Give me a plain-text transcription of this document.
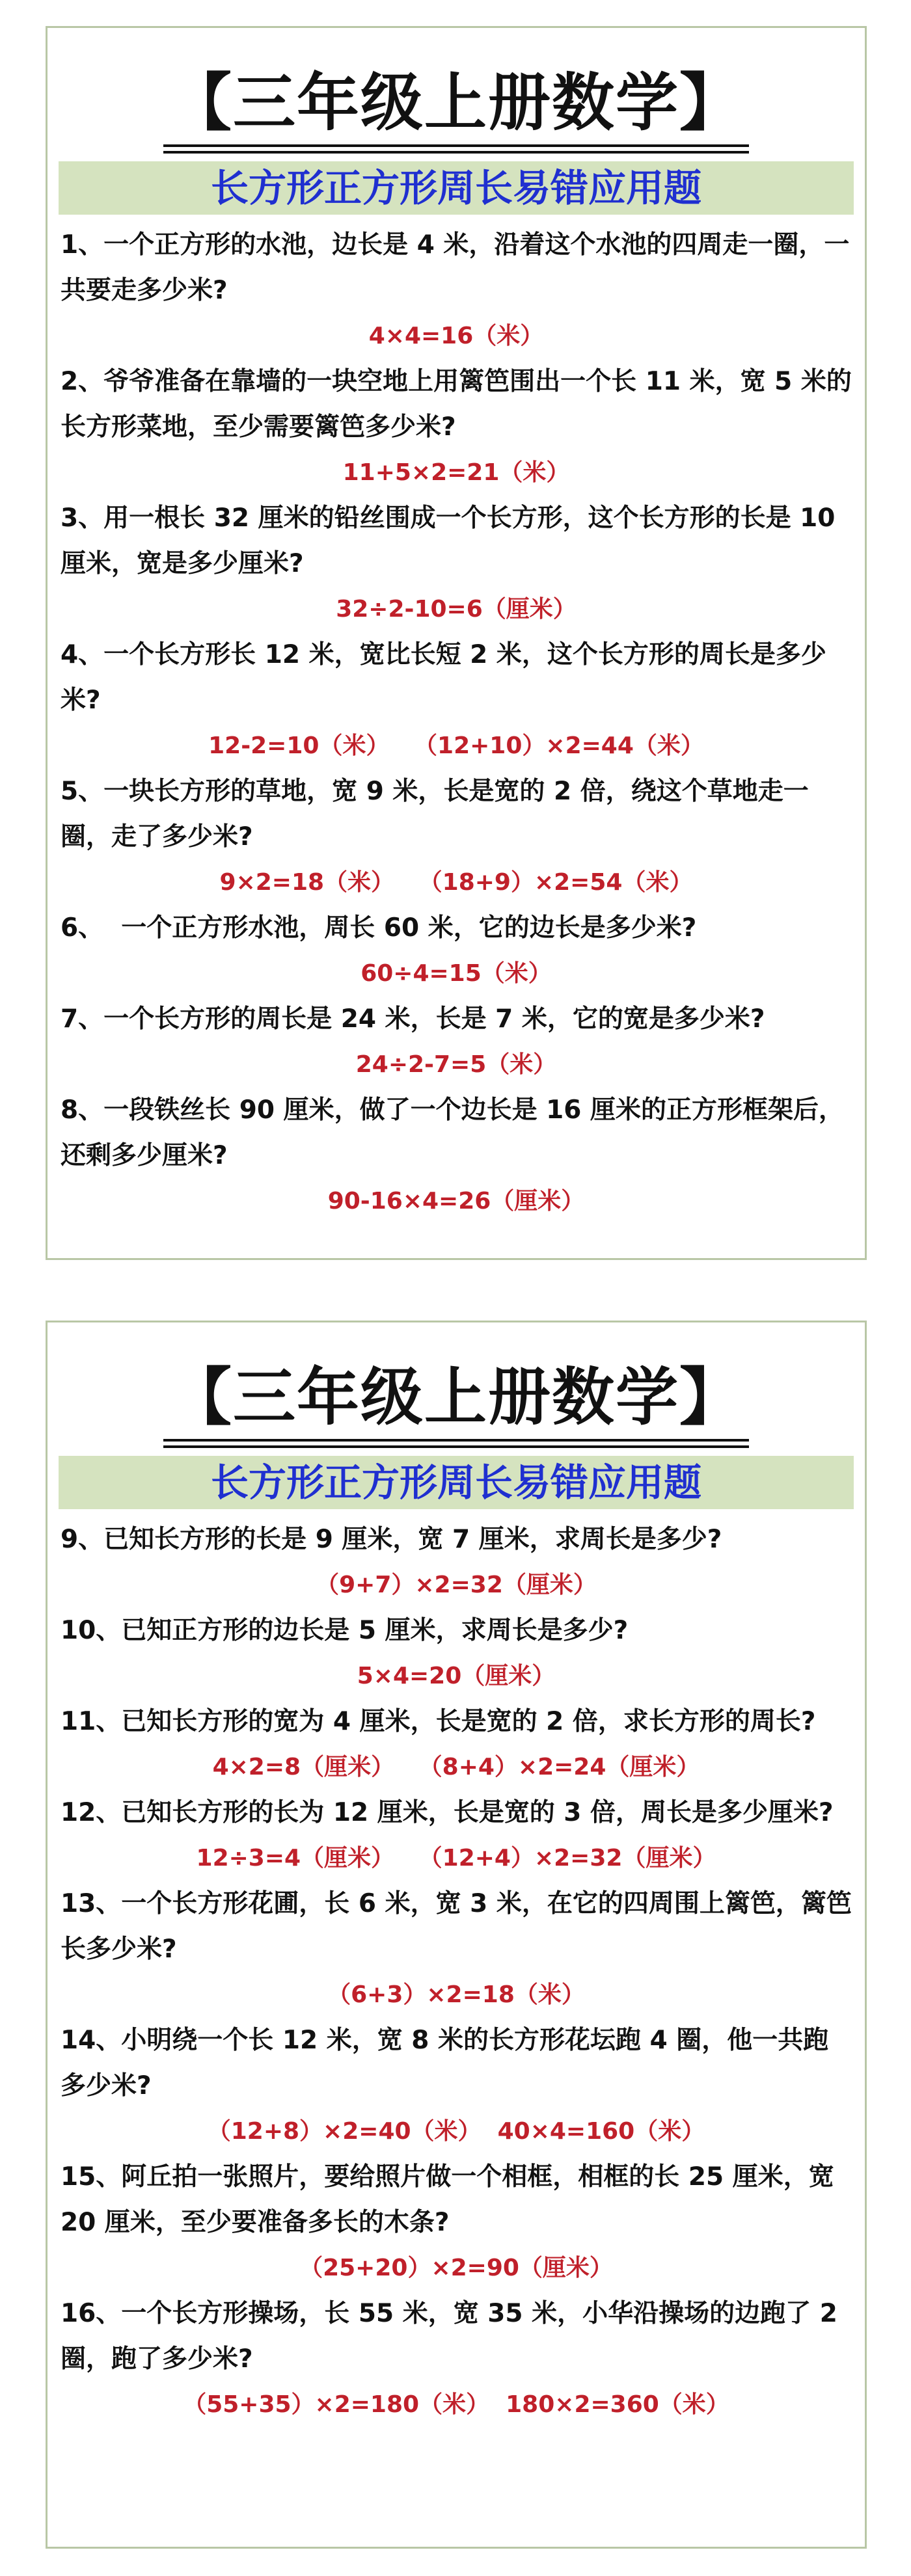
【三年级上册数学】
长方形正方形周长易错应用题
1、一个正方形的水池，边长是 4 米，沿着这个水池的四周走一圈，一共要走多少米?
4×4=16（米）
2、爷爷准备在靠墙的一块空地上用篱笆围出一个长 11 米，宽 5 米的长方形菜地，至少需要篱笆多少米?
11+5×2=21（米）
3、用一根长 32 厘米的铅丝围成一个长方形，这个长方形的长是 10 厘米，宽是多少厘米?
32÷2-10=6（厘米）
4、一个长方形长 12 米，宽比长短 2 米，这个长方形的周长是多少米?
12-2=10（米）   （12+10）×2=44（米）
5、一块长方形的草地，宽 9 米，长是宽的 2 倍，绕这个草地走一圈，走了多少米?
9×2=18（米）   （18+9）×2=54（米）
6、  一个正方形水池，周长 60 米，它的边长是多少米?
60÷4=15（米）
7、一个长方形的周长是 24 米，长是 7 米，它的宽是多少米?
24÷2-7=5（米）
8、一段铁丝长 90 厘米，做了一个边长是 16 厘米的正方形框架后，还剩多少厘米?
90-16×4=26（厘米）
【三年级上册数学】
长方形正方形周长易错应用题
9、已知长方形的长是 9 厘米，宽 7 厘米，求周长是多少?
（9+7）×2=32（厘米）
10、已知正方形的边长是 5 厘米，求周长是多少?
5×4=20（厘米）
11、已知长方形的宽为 4 厘米，长是宽的 2 倍，求长方形的周长?
4×2=8（厘米）   （8+4）×2=24（厘米）
12、已知长方形的长为 12 厘米，长是宽的 3 倍，周长是多少厘米?
12÷3=4（厘米）   （12+4）×2=32（厘米）
13、一个长方形花圃，长 6 米，宽 3 米，在它的四周围上篱笆，篱笆长多少米?
（6+3）×2=18（米）
14、小明绕一个长 12 米，宽 8 米的长方形花坛跑 4 圈，他一共跑多少米?
（12+8）×2=40（米）  40×4=160（米）
15、阿丘拍一张照片，要给照片做一个相框，相框的长 25 厘米，宽 20 厘米，至少要准备多长的木条?
（25+20）×2=90（厘米）
16、一个长方形操场，长 55 米，宽 35 米，小华沿操场的边跑了 2 圈，跑了多少米?
（55+35）×2=180（米）  180×2=360（米）
